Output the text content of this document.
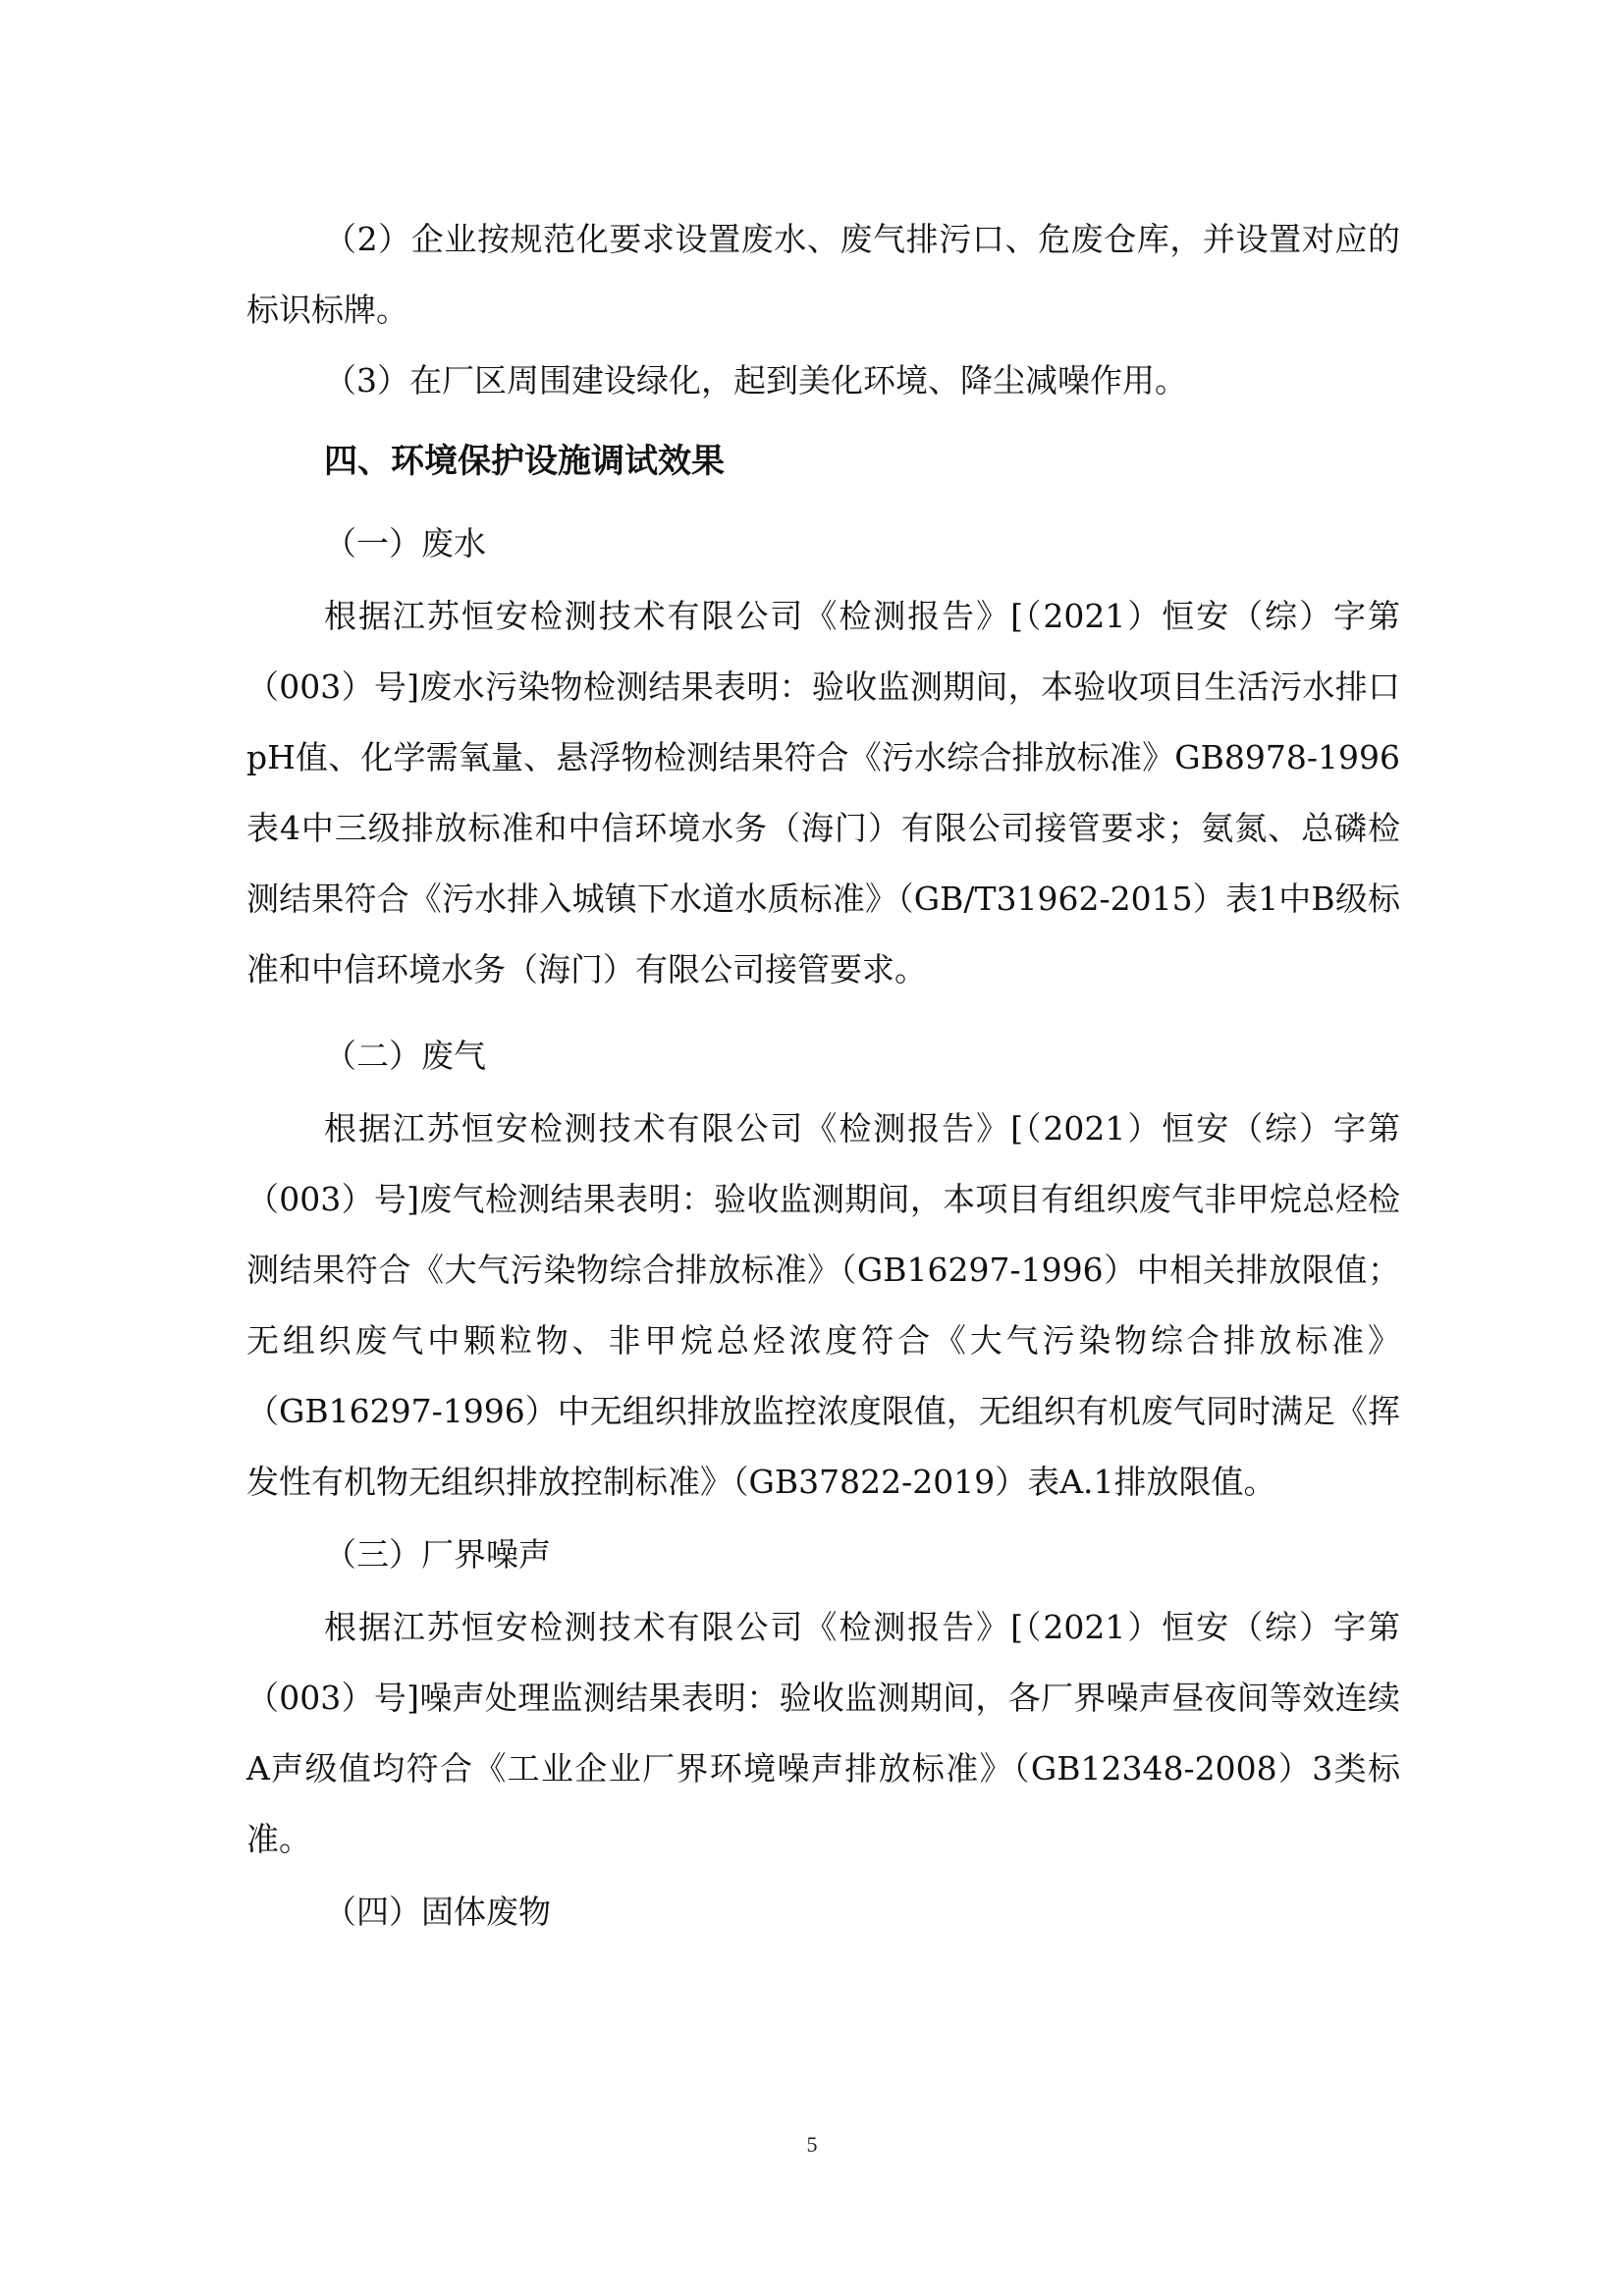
（2）企业按规范化要求设置废水、废气排污口、危废仓库，并设置对应的标识标牌。

（3）在厂区周围建设绿化，起到美化环境、降尘减噪作用。

四、环境保护设施调试效果

（一）废水

根据江苏恒安检测技术有限公司《检测报告》[（2021）恒安（综）字第（003）号]废水污染物检测结果表明：验收监测期间，本验收项目生活污水排口pH值、化学需氧量、悬浮物检测结果符合《污水综合排放标准》GB8978-1996表4中三级排放标准和中信环境水务（海门）有限公司接管要求；氨氮、总磷检测结果符合《污水排入城镇下水道水质标准》（GB/T31962-2015）表1中B级标准和中信环境水务（海门）有限公司接管要求。

（二）废气

根据江苏恒安检测技术有限公司《检测报告》[（2021）恒安（综）字第（003）号]废气检测结果表明：验收监测期间，本项目有组织废气非甲烷总烃检测结果符合《大气污染物综合排放标准》（GB16297-1996）中相关排放限值；无组织废气中颗粒物、非甲烷总烃浓度符合《大气污染物综合排放标准》（GB16297-1996）中无组织排放监控浓度限值，无组织有机废气同时满足《挥发性有机物无组织排放控制标准》（GB37822-2019）表A.1排放限值。

（三）厂界噪声

根据江苏恒安检测技术有限公司《检测报告》[（2021）恒安（综）字第（003）号]噪声处理监测结果表明：验收监测期间，各厂界噪声昼夜间等效连续A声级值均符合《工业企业厂界环境噪声排放标准》（GB12348-2008）3类标准。

（四）固体废物

5
